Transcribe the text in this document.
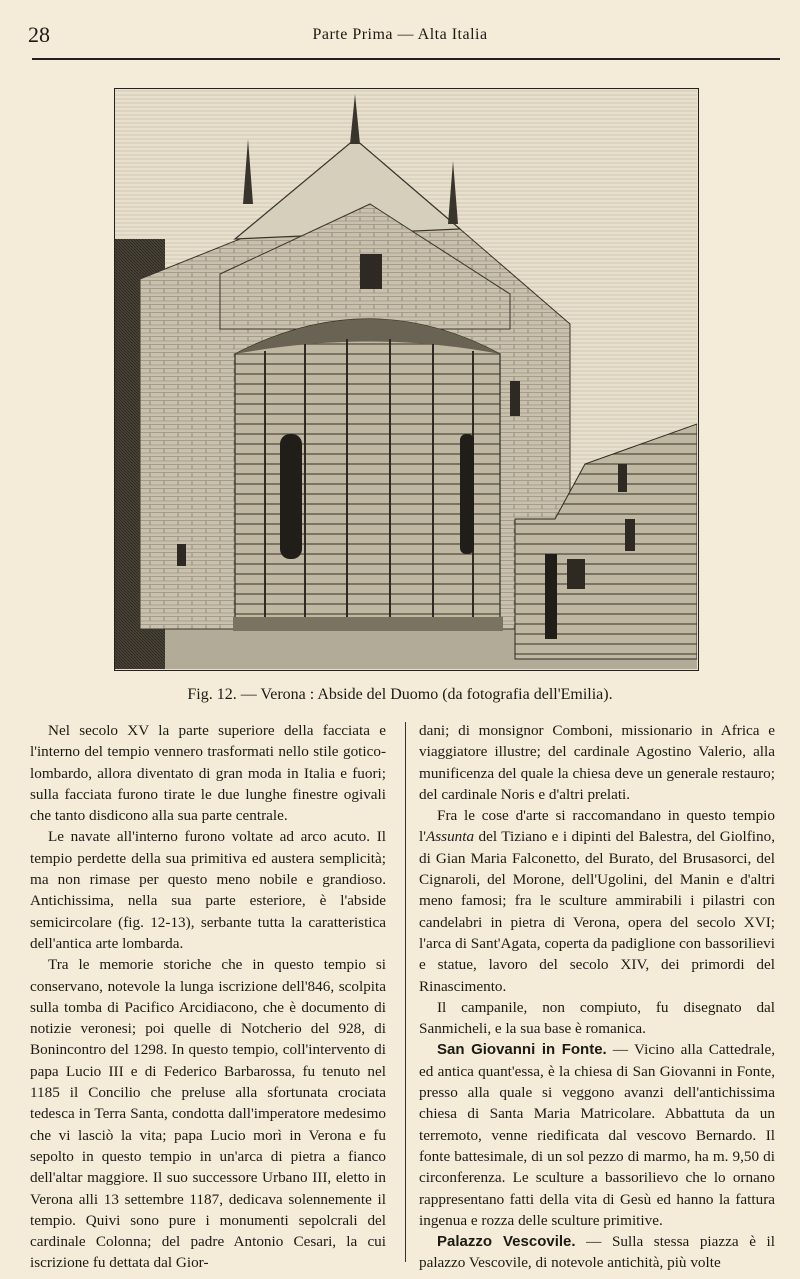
28	Parte Prima — Alta Italia
Fig. 12. — Verona : Abside del Duomo (da fotografia dell'Emilia).

Nel secolo XV la parte superiore della facciata e l'interno del tempio vennero trasformati nello stile gotico-lombardo, allora diventato di gran moda in Italia e fuori; sulla facciata furono tirate le due lunghe finestre ogivali che tanto disdicono alla sua parte centrale.

Le navate all'interno furono voltate ad arco acuto. Il tempio perdette della sua primitiva ed austera semplicità; ma non rimase per questo meno nobile e grandioso. Antichissima, nella sua parte esteriore, è l'abside semicircolare (fig. 12-13), serbante tutta la caratteristica dell'antica arte lombarda.

Tra le memorie storiche che in questo tempio si conservano, notevole la lunga iscrizione dell'846, scolpita sulla tomba di Pacifico Arcidiacono, che è documento di notizie veronesi; poi quelle di Notcherio del 928, di Bonincontro del 1298. In questo tempio, coll'intervento di papa Lucio III e di Federico Barbarossa, fu tenuto nel 1185 il Concilio che preluse alla sfortunata crociata tedesca in Terra Santa, condotta dall'imperatore medesimo che vi lasciò la vita; papa Lucio morì in Verona e fu sepolto in questo tempio in un'arca di pietra a fianco dell'altar maggiore. Il suo successore Urbano III, eletto in Verona alli 13 settembre 1187, dedicava solennemente il tempio. Quivi sono pure i monumenti sepolcrali del cardinale Colonna; del padre Antonio Cesari, la cui iscrizione fu dettata dal Gior-

dani; di monsignor Comboni, missionario in Africa e viaggiatore illustre; del cardinale Agostino Valerio, alla munificenza del quale la chiesa deve un generale restauro; del cardinale Noris e d'altri prelati.

Fra le cose d'arte si raccomandano in questo tempio l'Assunta del Tiziano e i dipinti del Balestra, del Giolfino, di Gian Maria Falconetto, del Burato, del Brusasorci, del Cignaroli, del Morone, dell'Ugolini, del Manin e d'altri meno famosi; fra le sculture ammirabili i pilastri con candelabri in pietra di Verona, opera del secolo XVI; l'arca di Sant'Agata, coperta da padiglione con bassorilievi e statue, lavoro del secolo XIV, dei primordi del Rinascimento.

Il campanile, non compiuto, fu disegnato dal Sanmicheli, e la sua base è romanica.

San Giovanni in Fonte. — Vicino alla Cattedrale, ed antica quant'essa, è la chiesa di San Giovanni in Fonte, presso alla quale si veggono avanzi dell'antichissima chiesa di Santa Maria Matricolare. Abbattuta da un terremoto, venne riedificata dal vescovo Bernardo. Il fonte battesimale, di un sol pezzo di marmo, ha m. 9,50 di circonferenza. Le sculture a bassorilievo che lo ornano rappresentano fatti della vita di Gesù ed hanno la fattura ingenua e rozza delle sculture primitive.

Palazzo Vescovile. — Sulla stessa piazza è il palazzo Vescovile, di notevole antichità, più volte
